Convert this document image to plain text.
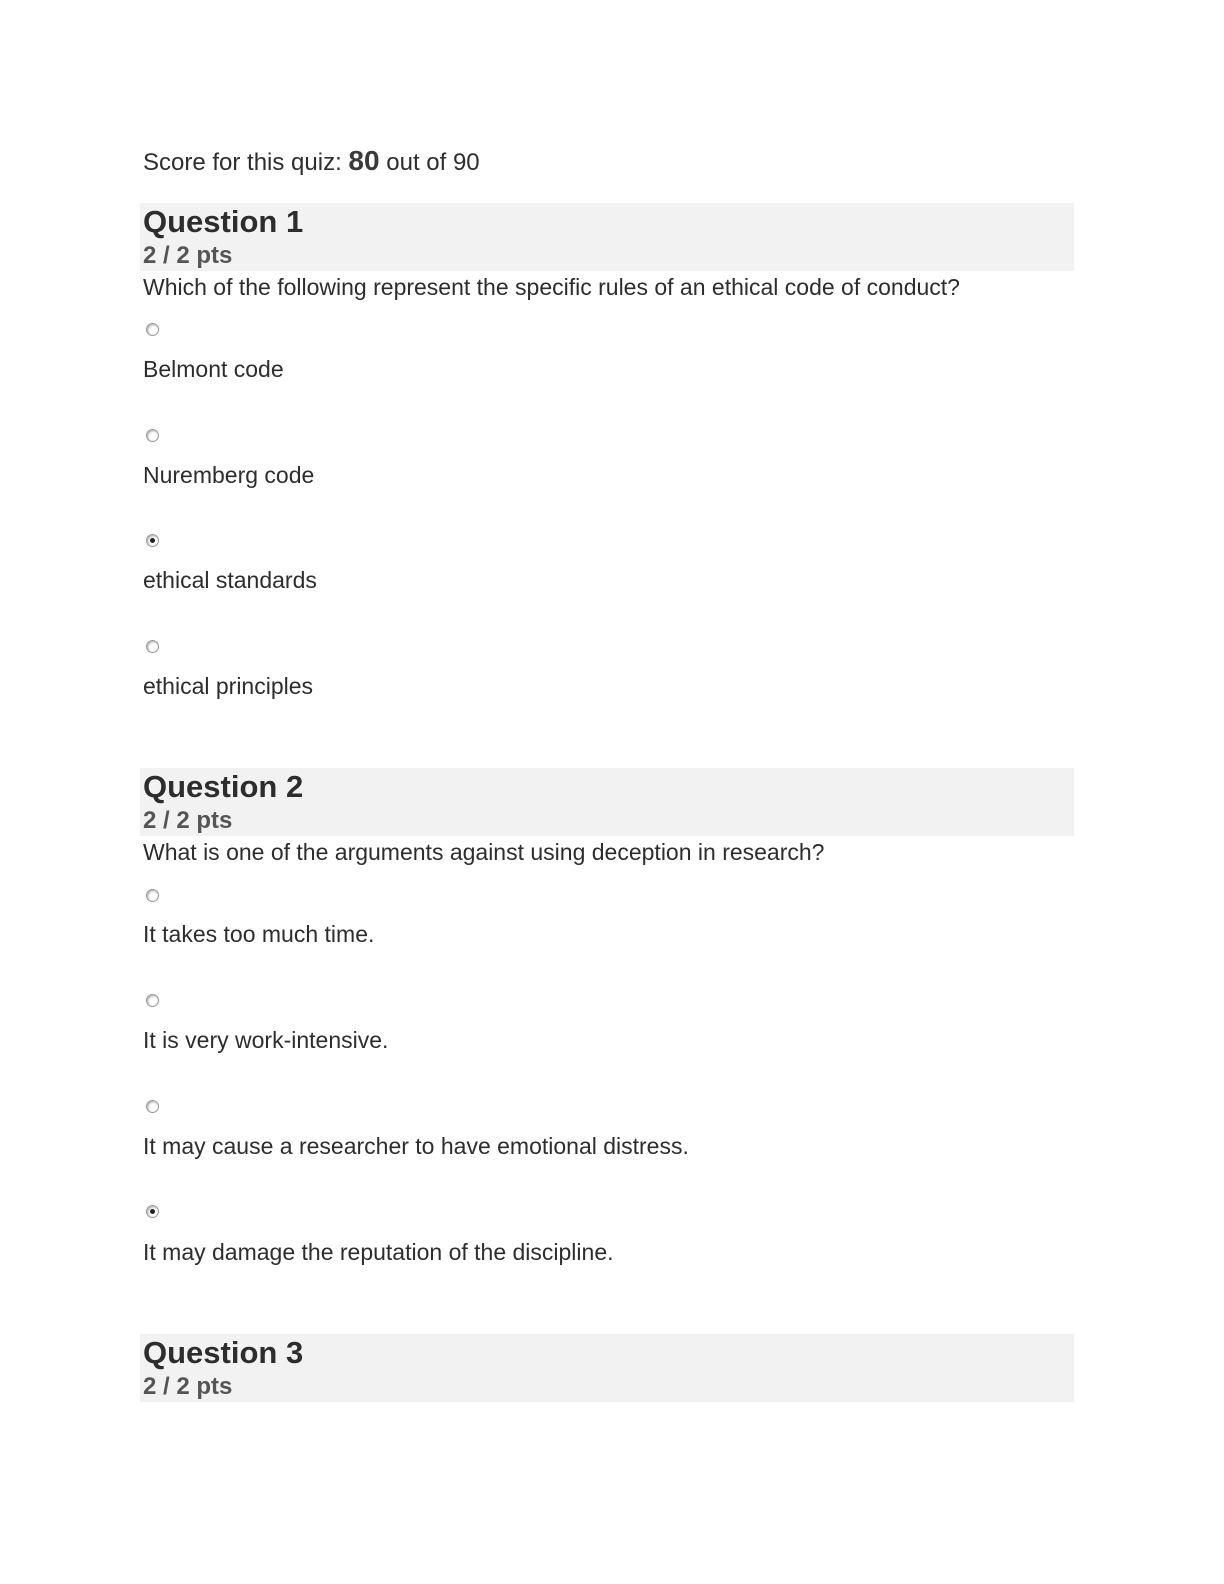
Score for this quiz: 80 out of 90
Question 1
2 / 2 pts
Which of the following represent the specific rules of an ethical code of conduct?
Belmont code
Nuremberg code
ethical standards
ethical principles
Question 2
2 / 2 pts
What is one of the arguments against using deception in research?
It takes too much time.
It is very work-intensive.
It may cause a researcher to have emotional distress.
It may damage the reputation of the discipline.
Question 3
2 / 2 pts
